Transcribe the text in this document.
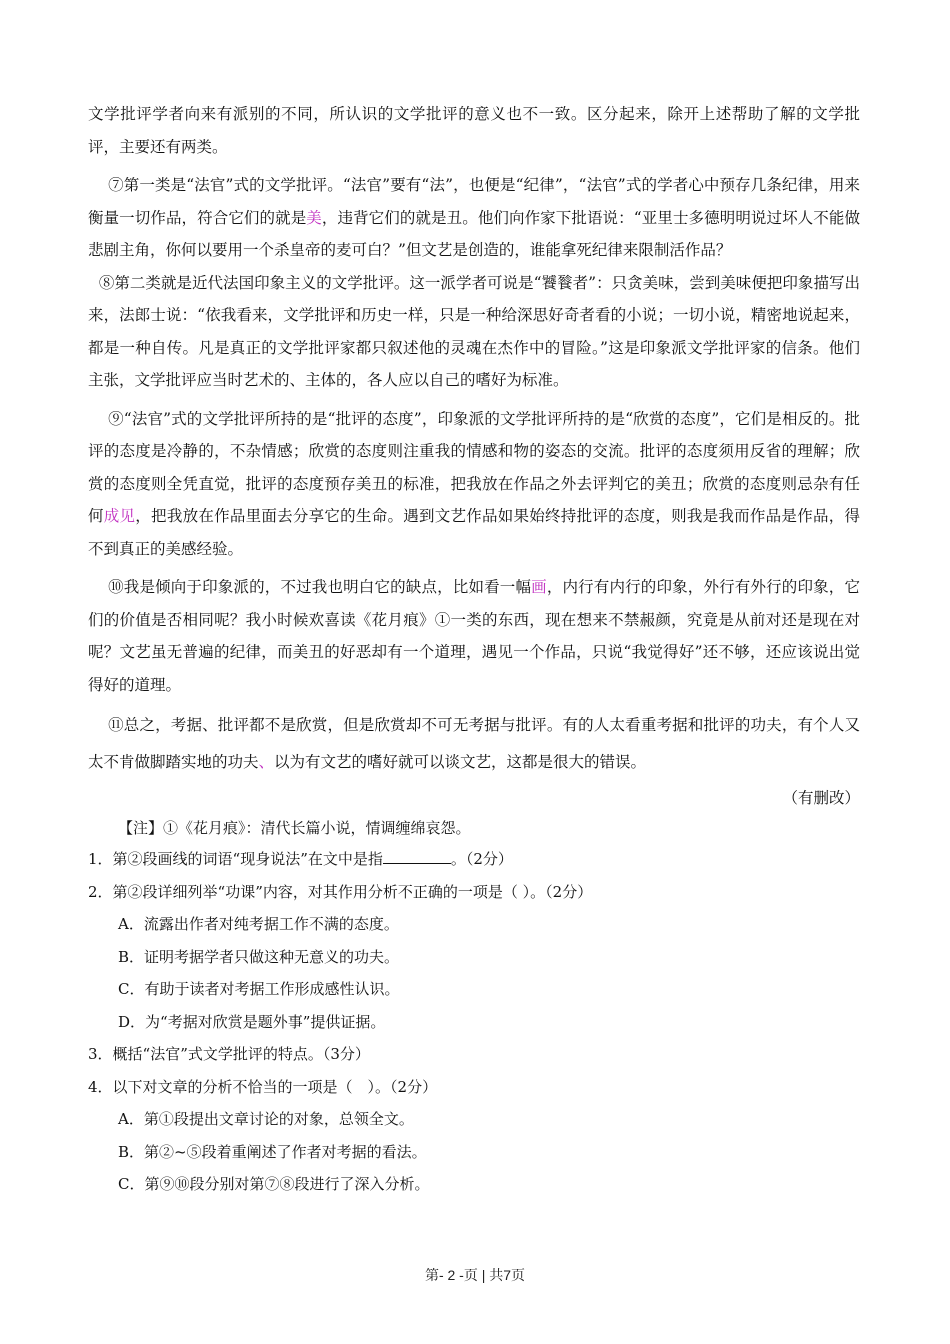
文学批评学者向来有派别的不同，所认识的文学批评的意义也不一致。区分起来，除开上述帮助了解的文学批评，主要还有两类。

⑦第一类是“法官”式的文学批评。“法官”要有“法”，也便是“纪律”，“法官”式的学者心中预存几条纪律，用来衡量一切作品，符合它们的就是美，违背它们的就是丑。他们向作家下批语说：“亚里士多德明明说过坏人不能做悲剧主角，你何以要用一个杀皇帝的麦可白？”但文艺是创造的，谁能拿死纪律来限制活作品？

⑧第二类就是近代法国印象主义的文学批评。这一派学者可说是“饕餮者”：只贪美味，尝到美味便把印象描写出来，法郎士说：“依我看来，文学批评和历史一样，只是一种给深思好奇者看的小说；一切小说，精密地说起来，都是一种自传。凡是真正的文学批评家都只叙述他的灵魂在杰作中的冒险。”这是印象派文学批评家的信条。他们主张，文学批评应当时艺术的、主体的，各人应以自己的嗜好为标准。

⑨“法官”式的文学批评所持的是“批评的态度”，印象派的文学批评所持的是“欣赏的态度”，它们是相反的。批评的态度是冷静的，不杂情感；欣赏的态度则注重我的情感和物的姿态的交流。批评的态度须用反省的理解；欣赏的态度则全凭直觉，批评的态度预存美丑的标准，把我放在作品之外去评判它的美丑；欣赏的态度则忌杂有任何成见，把我放在作品里面去分享它的生命。遇到文艺作品如果始终持批评的态度，则我是我而作品是作品，得不到真正的美感经验。

⑩我是倾向于印象派的，不过我也明白它的缺点，比如看一幅画，内行有内行的印象，外行有外行的印象，它们的价值是否相同呢？我小时候欢喜读《花月痕》①一类的东西，现在想来不禁赧颜，究竟是从前对还是现在对呢？文艺虽无普遍的纪律，而美丑的好恶却有一个道理，遇见一个作品，只说“我觉得好”还不够，还应该说出觉得好的道理。

⑪总之，考据、批评都不是欣赏，但是欣赏却不可无考据与批评。有的人太看重考据和批评的功夫，有个人又太不肯做脚踏实地的功夫、以为有文艺的嗜好就可以谈文艺，这都是很大的错误。

（有删改）

【注】①《花月痕》：清代长篇小说，情调缠绵哀怨。

1．第②段画线的词语“现身说法”在文中是指	。（2分）

2．第②段详细列举“功课”内容，对其作用分析不正确的一项是（ ）。（2分）

A．流露出作者对纯考据工作不满的态度。

B．证明考据学者只做这种无意义的功夫。

C．有助于读者对考据工作形成感性认识。

D．为“考据对欣赏是题外事”提供证据。

3．概括“法官”式文学批评的特点。（3分）

4．以下对文章的分析不恰当的一项是（　）。（2分）

A．第①段提出文章讨论的对象，总领全文。

B．第②~⑤段着重阐述了作者对考据的看法。

C．第⑨⑩段分别对第⑦⑧段进行了深入分析。

第- 2 -页 | 共7页
